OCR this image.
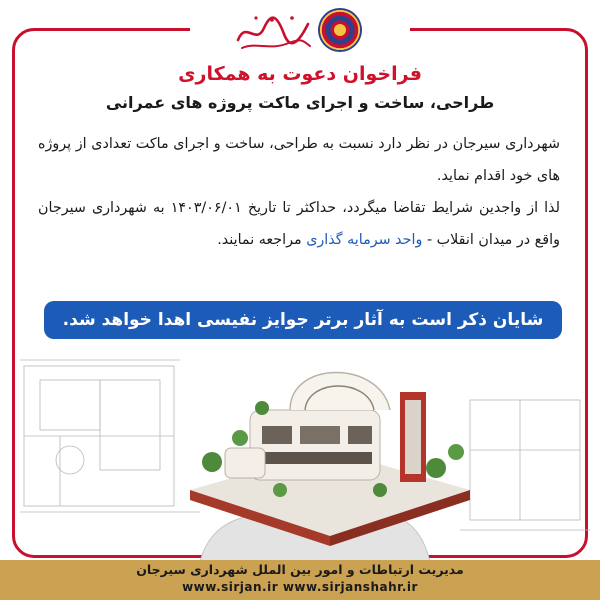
فراخوان دعوت به همکاری
طراحی، ساخت و اجرای ماکت پروژه های عمرانی

شهرداری سیرجان در نظر دارد نسبت به طراحی، ساخت و اجرای ماکت تعدادی از پروژه های خود اقدام نماید.

لذا از واجدین شرایط تقاضا میگردد، حداکثر تا تاریخ ۱۴۰۳/۰۶/۰۱ به شهرداری سیرجان واقع در میدان انقلاب - واحد سرمایه گذاری مراجعه نمایند.

شایان ذکر است به آثار برتر جوایز نفیسی اهدا خواهد شد.
مدیریت ارتباطات و امور بین الملل شهرداری سیرجان
www.sirjan.ir www.sirjanshahr.ir
